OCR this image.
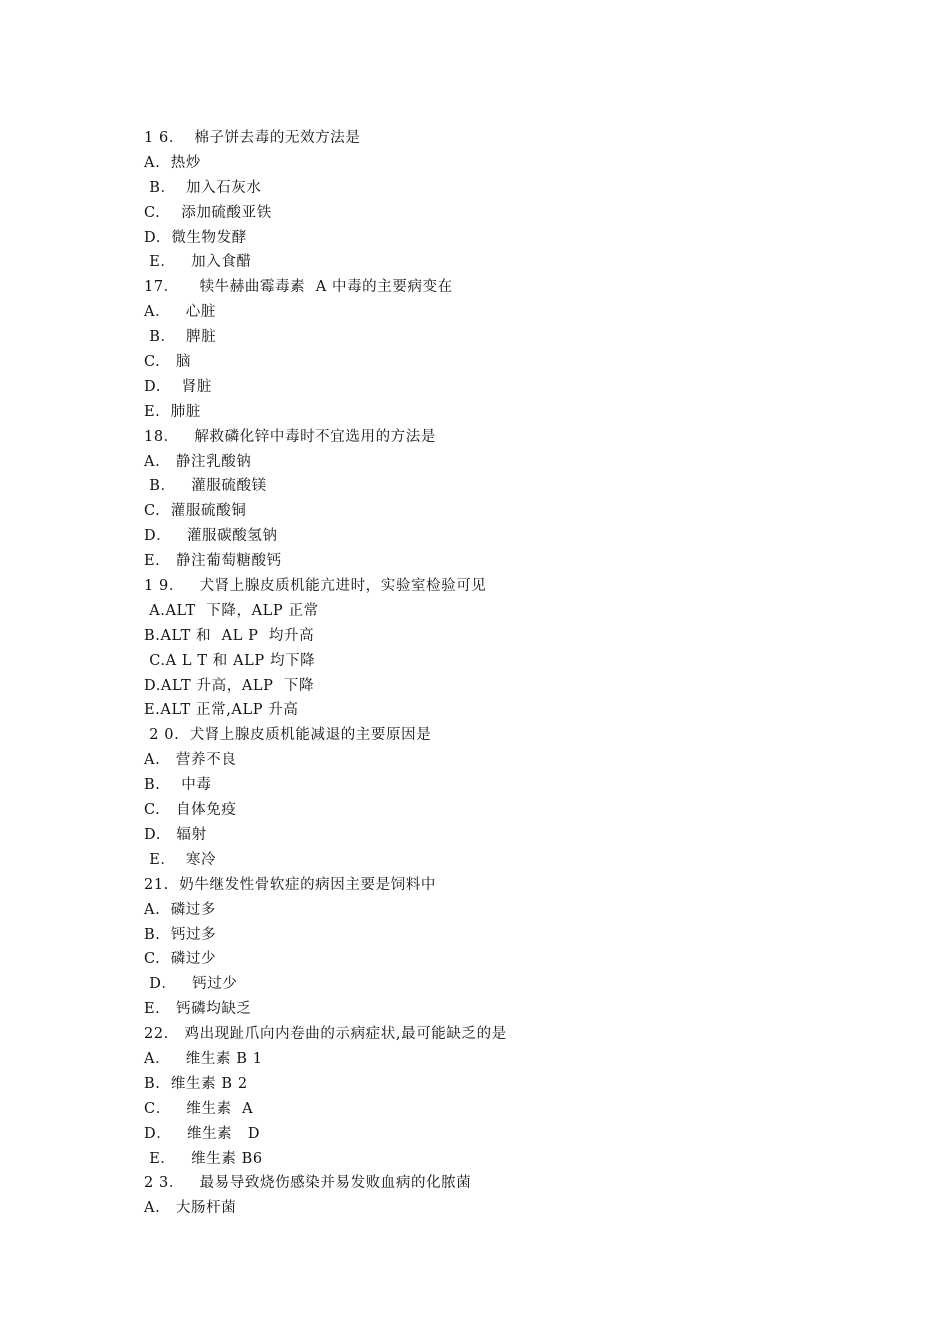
1 6．  棉子饼去毒的无效方法是
A.  热炒
B．  加入石灰水
C.    添加硫酸亚铁
D.  微生物发酵
E．   加入食醋
17．    犊牛赫曲霉毒素  A 中毒的主要病变在
A．   心脏
B．  脾脏
C.   脑
D.    肾脏
E.  肺脏
18．   解救磷化锌中毒时不宜选用的方法是
A.   静注乳酸钠
B．   灌服硫酸镁
C.  灌服硫酸铜
D．   灌服碳酸氢钠
E.   静注葡萄糖酸钙
1 9．   犬肾上腺皮质机能亢进时，实验室检验可见
A.ALT  下降，ALP 正常
B.ALT 和  AL P  均升高
C.A L T 和 ALP 均下降
D.ALT 升高，ALP  下降
E.ALT 正常,ALP 升高
2 0.  犬肾上腺皮质机能减退的主要原因是
A.   营养不良
B.    中毒
C.   自体免疫
D.   辐射
E．  寒冷
21.  奶牛继发性骨软症的病因主要是饲料中
A.  磷过多
B.  钙过多
C.  磷过少
D．   钙过少
E.   钙磷均缺乏
22.   鸡出现趾爪向内卷曲的示病症状,最可能缺乏的是
A．   维生素 B 1
B.  维生素 B 2
C．   维生素  A
D．   维生素   D
E．   维生素 B6
2 3．   最易导致烧伤感染并易发败血病的化脓菌
A.   大肠杆菌
